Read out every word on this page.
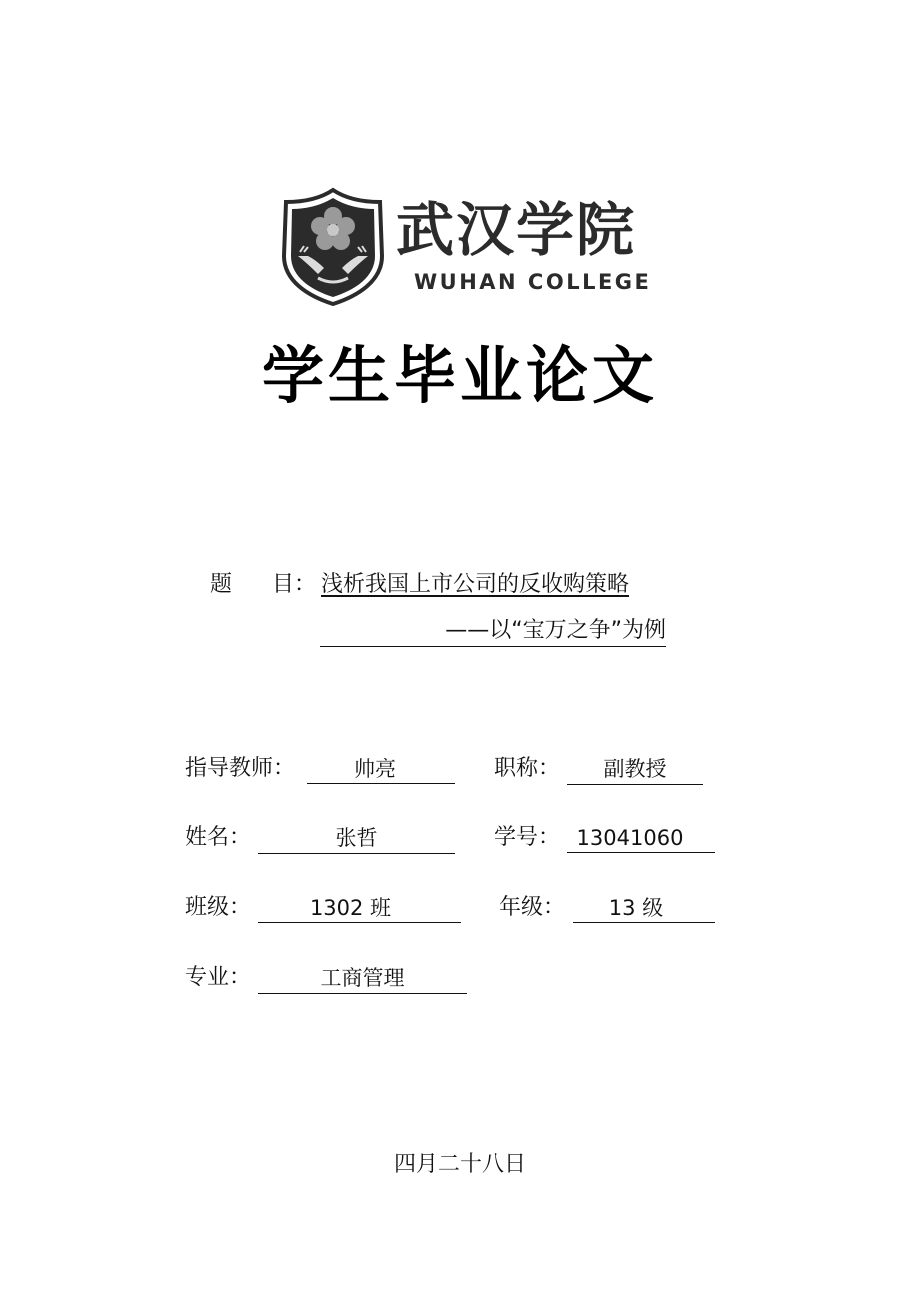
武汉学院
WUHAN COLLEGE
学生毕业论文
题 目： 浅析我国上市公司的反收购策略
——以“宝万之争”为例
指导教师：	帅亮	职称：	副教授
姓名：	张哲	学号： 13041060
班级：	1302 班	年级：	13 级
专业：	工商管理
四月二十八日
